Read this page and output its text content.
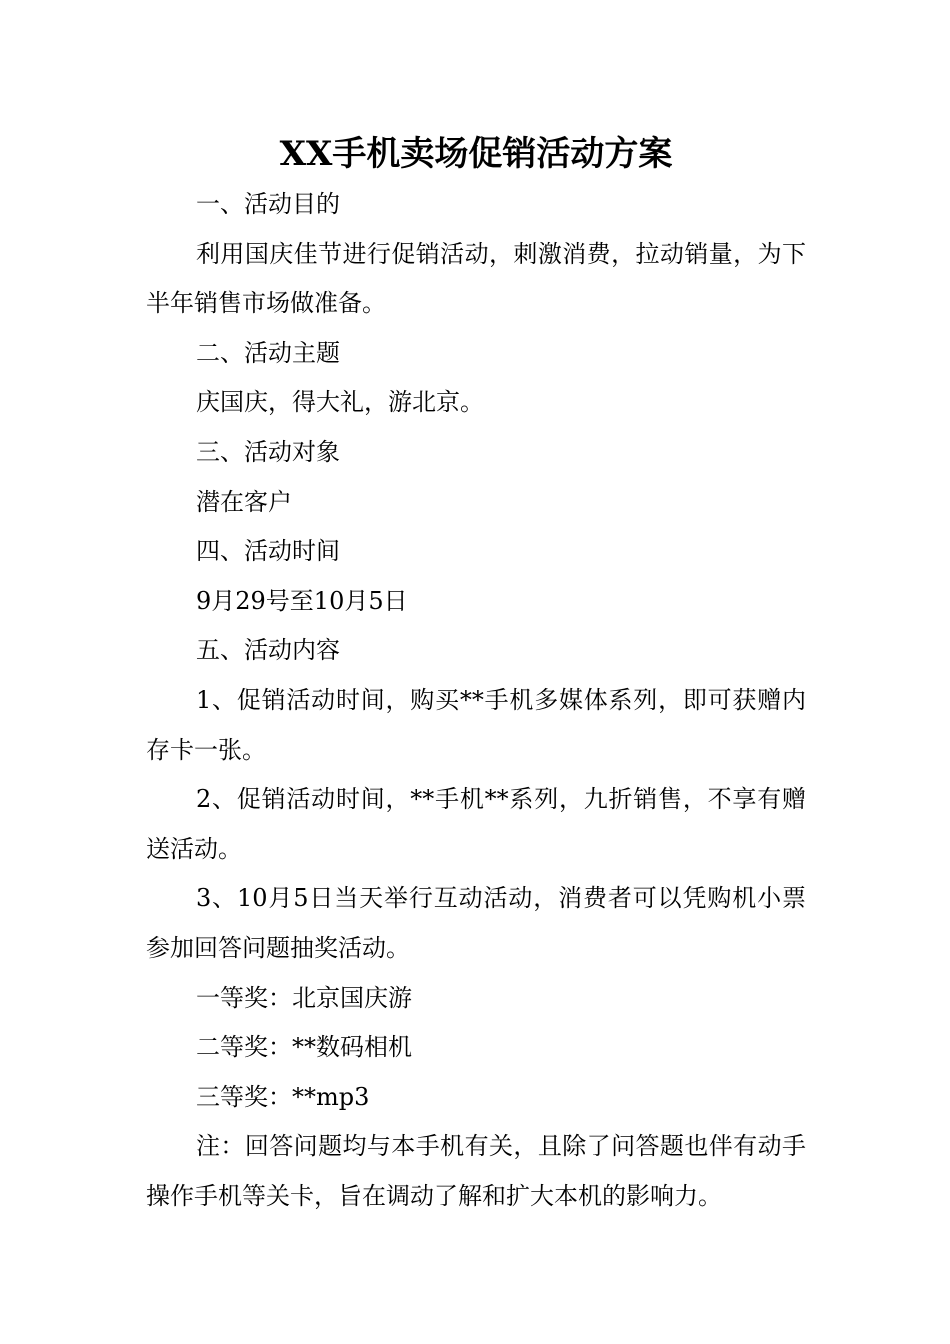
XX手机卖场促销活动方案

一、活动目的

利用国庆佳节进行促销活动，刺激消费，拉动销量，为下半年销售市场做准备。

二、活动主题

庆国庆，得大礼，游北京。

三、活动对象

潜在客户

四、活动时间

9月29号至10月5日

五、活动内容

1、促销活动时间，购买**手机多媒体系列，即可获赠内存卡一张。

2、促销活动时间，**手机**系列，九折销售，不享有赠送活动。

3、10月5日当天举行互动活动，消费者可以凭购机小票参加回答问题抽奖活动。

一等奖：北京国庆游

二等奖：**数码相机

三等奖：**mp3

注：回答问题均与本手机有关，且除了问答题也伴有动手操作手机等关卡，旨在调动了解和扩大本机的影响力。
